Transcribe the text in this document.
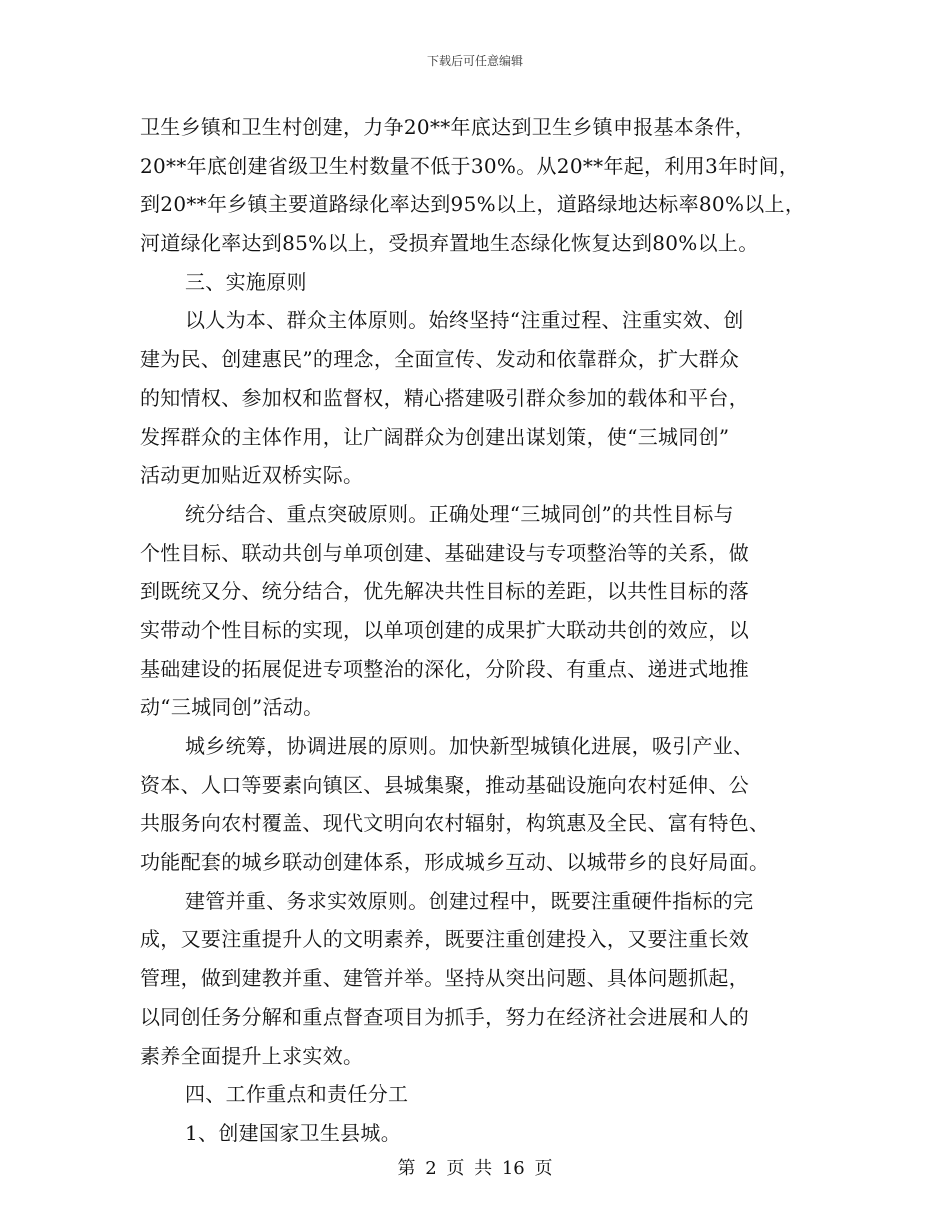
下载后可任意编辑
卫生乡镇和卫生村创建，力争20**年底达到卫生乡镇申报基本条件，
20**年底创建省级卫生村数量不低于30%。从20**年起，利用3年时间，
到20**年乡镇主要道路绿化率达到95%以上，道路绿地达标率80%以上，
河道绿化率达到85%以上，受损弃置地生态绿化恢复达到80%以上。
三、实施原则
以人为本、群众主体原则。始终坚持“注重过程、注重实效、创
建为民、创建惠民”的理念，全面宣传、发动和依靠群众，扩大群众
的知情权、参加权和监督权，精心搭建吸引群众参加的载体和平台，
发挥群众的主体作用，让广阔群众为创建出谋划策，使“三城同创”
活动更加贴近双桥实际。
统分结合、重点突破原则。正确处理“三城同创”的共性目标与
个性目标、联动共创与单项创建、基础建设与专项整治等的关系，做
到既统又分、统分结合，优先解决共性目标的差距，以共性目标的落
实带动个性目标的实现，以单项创建的成果扩大联动共创的效应，以
基础建设的拓展促进专项整治的深化，分阶段、有重点、递进式地推
动“三城同创”活动。
城乡统筹，协调进展的原则。加快新型城镇化进展，吸引产业、
资本、人口等要素向镇区、县城集聚，推动基础设施向农村延伸、公
共服务向农村覆盖、现代文明向农村辐射，构筑惠及全民、富有特色、
功能配套的城乡联动创建体系，形成城乡互动、以城带乡的良好局面。
建管并重、务求实效原则。创建过程中，既要注重硬件指标的完
成，又要注重提升人的文明素养，既要注重创建投入，又要注重长效
管理，做到建教并重、建管并举。坚持从突出问题、具体问题抓起，
以同创任务分解和重点督查项目为抓手，努力在经济社会进展和人的
素养全面提升上求实效。
四、工作重点和责任分工
1、创建国家卫生县城。
第 2 页 共 16 页
